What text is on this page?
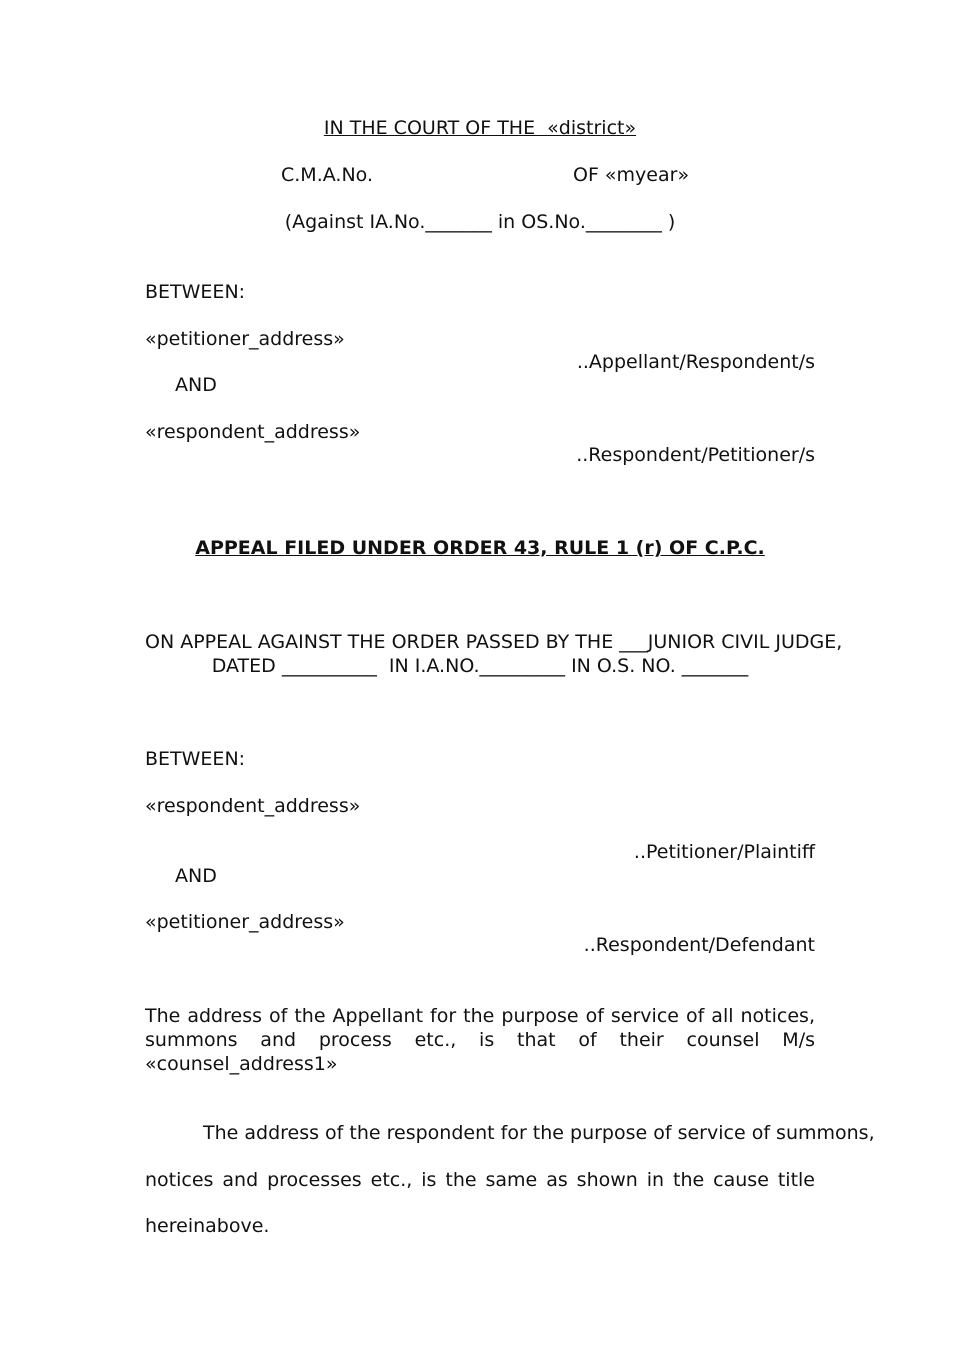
IN THE COURT OF THE  «district»
C.M.A.No.	OF «myear»
(Against IA.No._______ in OS.No.________ )
BETWEEN:
«petitioner_address»
..Appellant/Respondent/s
AND
«respondent_address»
..Respondent/Petitioner/s
APPEAL FILED UNDER ORDER 43, RULE 1 (r) OF C.P.C.
ON APPEAL AGAINST THE ORDER PASSED BY THE ___JUNIOR CIVIL JUDGE,
DATED __________  IN I.A.NO._________ IN O.S. NO. _______
BETWEEN:
«respondent_address»
..Petitioner/Plaintiff
AND
«petitioner_address»
..Respondent/Defendant
The address of the Appellant for the purpose of service of all notices, summons and process etc., is that of their counsel M/s «counsel_address1»
The address of the respondent for the purpose of service of summons,
notices and processes etc., is the same as shown in the cause title
hereinabove.
